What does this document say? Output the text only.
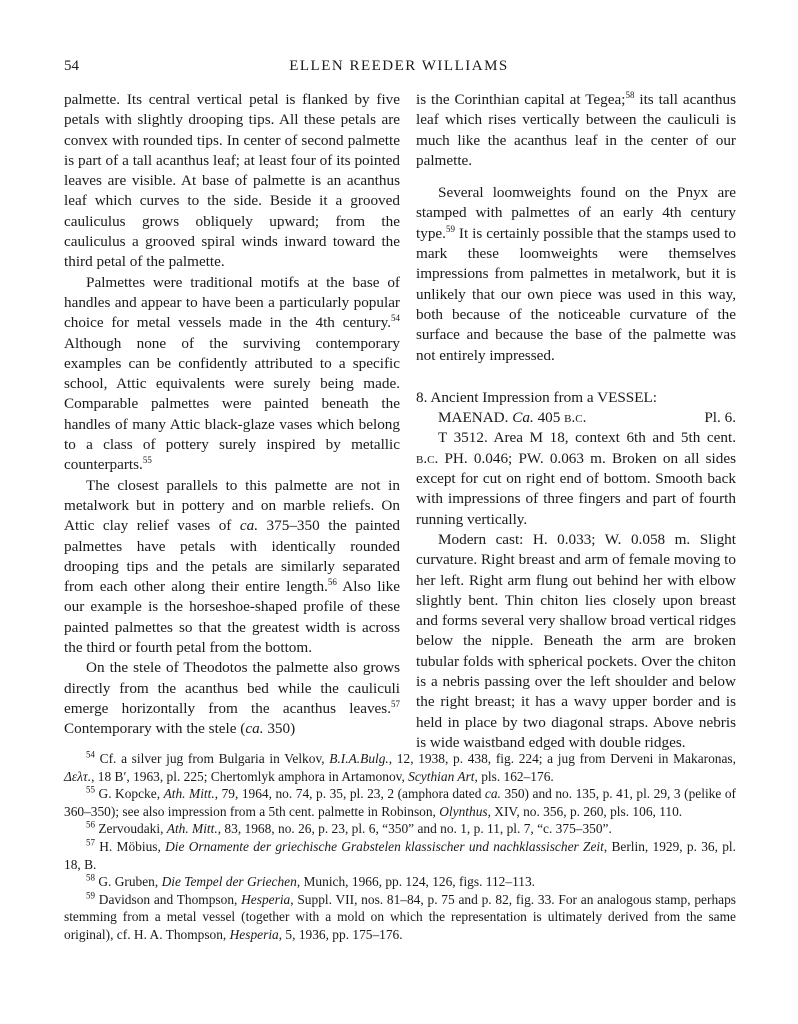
54	ELLEN REEDER WILLIAMS

palmette. Its central vertical petal is flanked by five petals with slightly drooping tips. All these petals are convex with rounded tips. In center of second palmette is part of a tall acanthus leaf; at least four of its pointed leaves are visible. At base of palmette is an acanthus leaf which curves to the side. Beside it a grooved cauliculus grows obliquely upward; from the cauliculus a grooved spiral winds inward toward the third petal of the palmette.

Palmettes were traditional motifs at the base of handles and appear to have been a particularly popular choice for metal vessels made in the 4th century.$^{54}$ Although none of the surviving contemporary examples can be confidently attributed to a specific school, Attic equivalents were surely being made. Comparable palmettes were painted beneath the handles of many Attic black-glaze vases which belong to a class of pottery surely inspired by metallic counterparts.$^{55}$

The closest parallels to this palmette are not in metalwork but in pottery and on marble reliefs. On Attic clay relief vases of ca. 375–350 the painted palmettes have petals with identically rounded drooping tips and the petals are similarly separated from each other along their entire length.$^{56}$ Also like our example is the horseshoe-shaped profile of these painted palmettes so that the greatest width is across the third or fourth petal from the bottom.

On the stele of Theodotos the palmette also grows directly from the acanthus bed while the cauliculi emerge horizontally from the acanthus leaves.$^{57}$ Contemporary with the stele (ca. 350)

is the Corinthian capital at Tegea;$^{58}$ its tall acanthus leaf which rises vertically between the cauliculi is much like the acanthus leaf in the center of our palmette.

Several loomweights found on the Pnyx are stamped with palmettes of an early 4th century type.$^{59}$ It is certainly possible that the stamps used to mark these loomweights were themselves impressions from palmettes in metalwork, but it is unlikely that our own piece was used in this way, both because of the noticeable curvature of the surface and because the base of the palmette was not entirely impressed.

8. Ancient Impression from a VESSEL:

MAENAD. Ca. 405 b.c.	Pl. 6.

T 3512. Area M 18, context 6th and 5th cent. b.c. PH. 0.046; PW. 0.063 m. Broken on all sides except for cut on right end of bottom. Smooth back with impressions of three fingers and part of fourth running vertically.

Modern cast: H. 0.033; W. 0.058 m. Slight curvature. Right breast and arm of female moving to her left. Right arm flung out behind her with elbow slightly bent. Thin chiton lies closely upon breast and forms several very shallow broad vertical ridges below the nipple. Beneath the arm are broken tubular folds with spherical pockets. Over the chiton is a nebris passing over the left shoulder and below the right breast; it has a wavy upper border and is held in place by two diagonal straps. Above nebris is wide waistband edged with double ridges.

$^{54}$ Cf. a silver jug from Bulgaria in Velkov, B.I.A.Bulg., 12, 1938, p. 438, fig. 224; a jug from Derveni in Makaronas, Δελτ., 18 B′, 1963, pl. 225; Chertomlyk amphora in Artamonov, Scythian Art, pls. 162–176.

$^{55}$ G. Kopcke, Ath. Mitt., 79, 1964, no. 74, p. 35, pl. 23, 2 (amphora dated ca. 350) and no. 135, p. 41, pl. 29, 3 (pelike of 360–350); see also impression from a 5th cent. palmette in Robinson, Olynthus, XIV, no. 356, p. 260, pls. 106, 110.

$^{56}$ Zervoudaki, Ath. Mitt., 83, 1968, no. 26, p. 23, pl. 6, “350” and no. 1, p. 11, pl. 7, “c. 375–350”.

$^{57}$ H. Möbius, Die Ornamente der griechische Grabstelen klassischer und nachklassischer Zeit, Berlin, 1929, p. 36, pl. 18, B.

$^{58}$ G. Gruben, Die Tempel der Griechen, Munich, 1966, pp. 124, 126, figs. 112–113.

$^{59}$ Davidson and Thompson, Hesperia, Suppl. VII, nos. 81–84, p. 75 and p. 82, fig. 33. For an analogous stamp, perhaps stemming from a metal vessel (together with a mold on which the representation is ultimately derived from the same original), cf. H. A. Thompson, Hesperia, 5, 1936, pp. 175–176.
